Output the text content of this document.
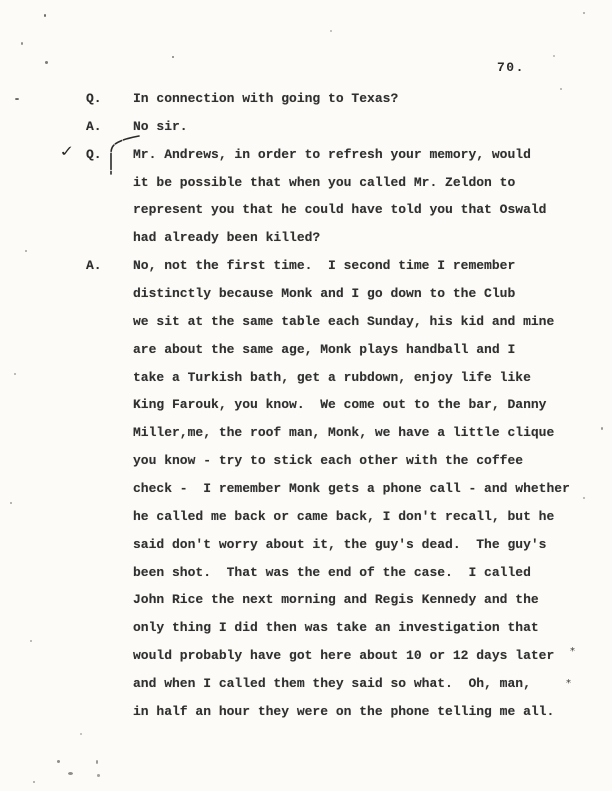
70.
✓
Q. In connection with going to Texas?
A. No sir.
Q. Mr. Andrews, in order to refresh your memory, would
it be possible that when you called Mr. Zeldon to
represent you that he could have told you that Oswald
had already been killed?
A. No, not the first time.  I second time I remember
distinctly because Monk and I go down to the Club
we sit at the same table each Sunday, his kid and mine
are about the same age, Monk plays handball and I
take a Turkish bath, get a rubdown, enjoy life like
King Farouk, you know.  We come out to the bar, Danny
Miller,me, the roof man, Monk, we have a little clique
you know - try to stick each other with the coffee
check -  I remember Monk gets a phone call - and whether
he called me back or came back, I don't recall, but he
said don't worry about it, the guy's dead.  The guy's
been shot.  That was the end of the case.  I called
John Rice the next morning and Regis Kennedy and the
only thing I did then was take an investigation that
would probably have got here about 10 or 12 days later
and when I called them they said so what.  Oh, man,
in half an hour they were on the phone telling me all.
*
*
